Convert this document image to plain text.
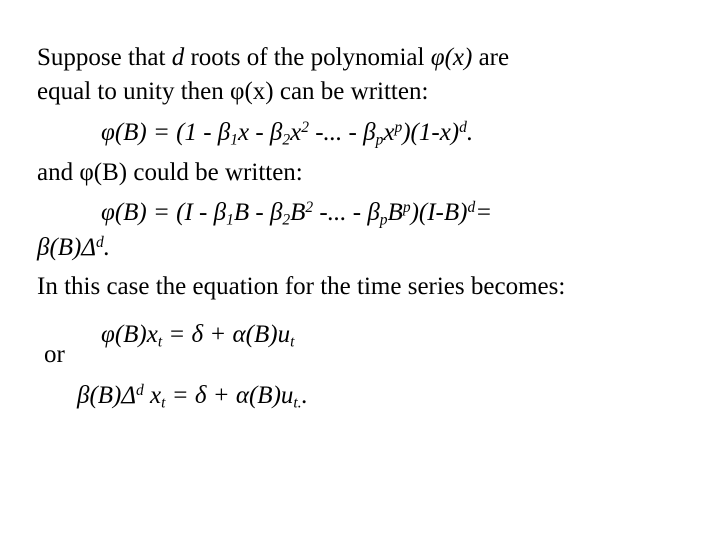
Suppose that d roots of the polynomial φ(x) are
equal to unity then φ(x) can be written:
$\varphi(B) = (1 - \beta_1x - \beta_2x^2$ -... - $\beta_px^p)(1-x)^d$.
and φ(B) could be written:
$\varphi(B) = (I - \beta_1B - \beta_2B^2$ -... - $\beta_pB^p)(I-B)^d=$
$\beta(B)\Delta^d$.
In this case the equation for the time series becomes:
$\varphi(B)x_t = \delta + \alpha(B)u_t$
or
$\beta(B)\Delta^d$ $x_t = \delta + \alpha(B)u_{t.}$.
